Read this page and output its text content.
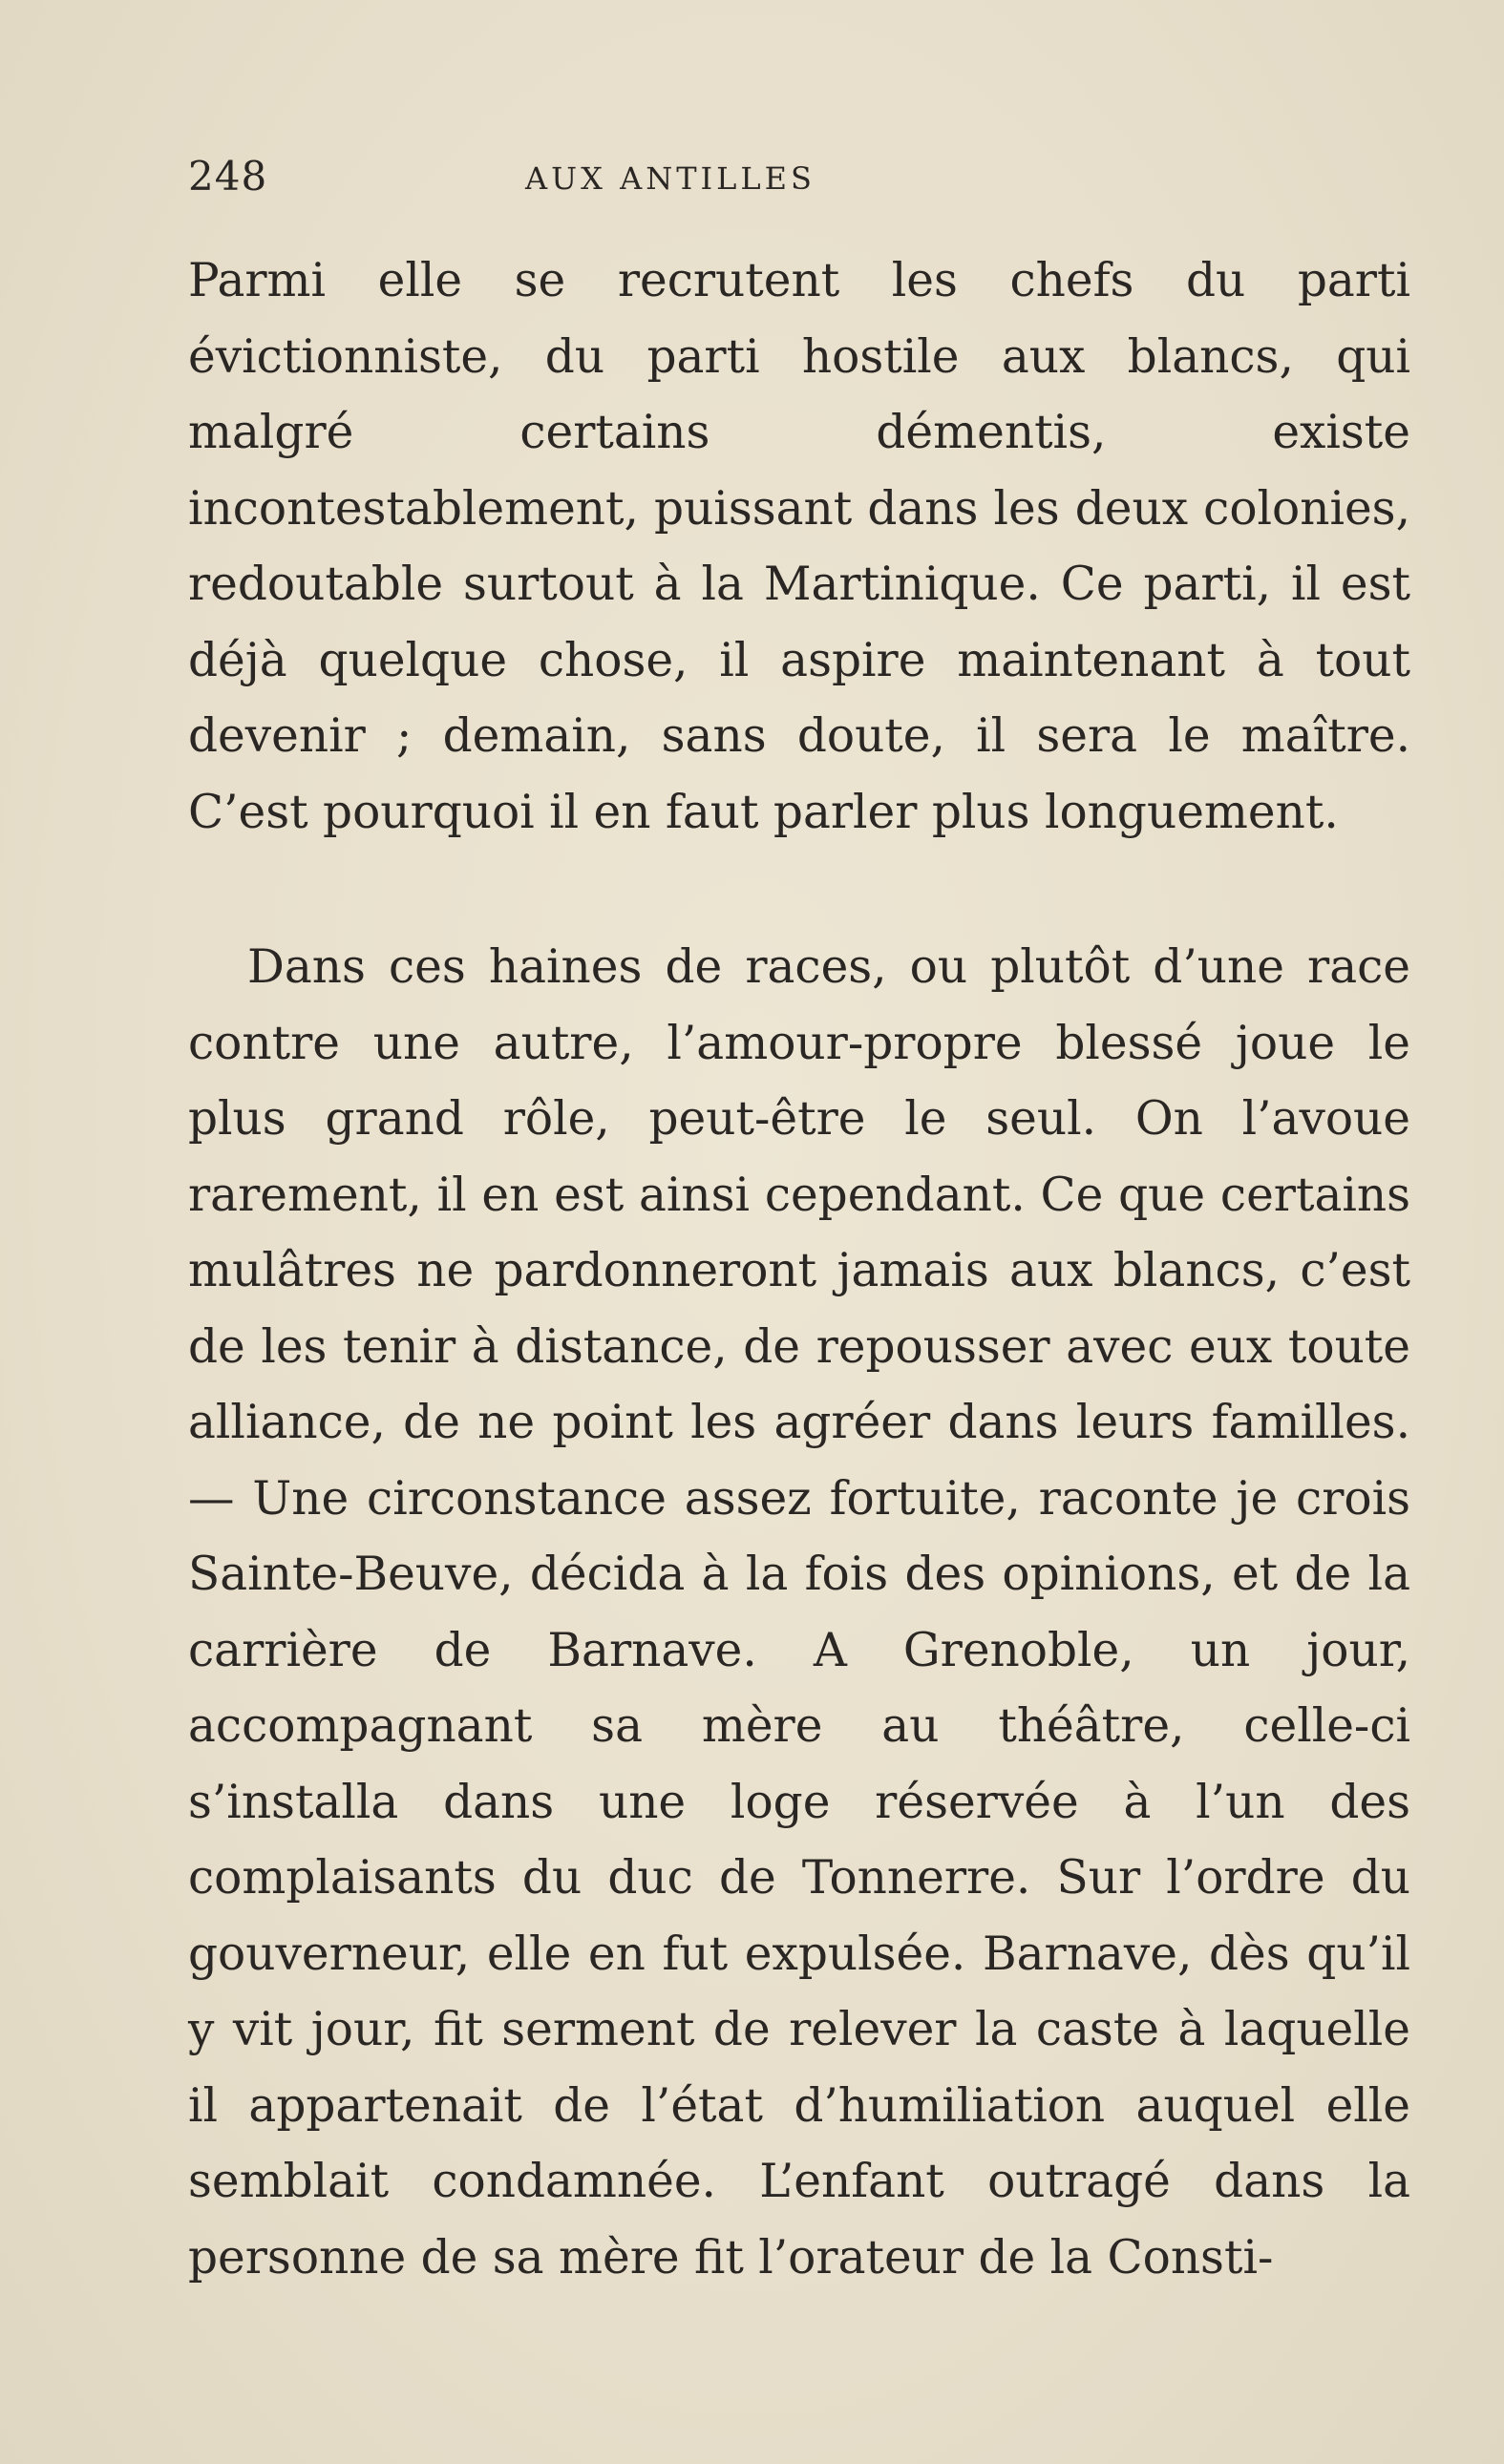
248	AUX ANTILLES

Parmi elle se recrutent les chefs du parti évictionniste, du parti hostile aux blancs, qui malgré certains démentis, existe incontestablement, puissant dans les deux colonies, redoutable surtout à la Martinique. Ce parti, il est déjà quelque chose, il aspire maintenant à tout devenir ; demain, sans doute, il sera le maître. C’est pourquoi il en faut parler plus longuement.

Dans ces haines de races, ou plutôt d’une race contre une autre, l’amour-propre blessé joue le plus grand rôle, peut-être le seul. On l’avoue rarement, il en est ainsi cependant. Ce que certains mulâtres ne pardonneront jamais aux blancs, c’est de les tenir à distance, de repousser avec eux toute alliance, de ne point les agréer dans leurs familles.— Une circonstance assez fortuite, raconte je crois Sainte-Beuve, décida à la fois des opinions, et de la carrière de Barnave. A Grenoble, un jour, accompagnant sa mère au théâtre, celle-ci s’installa dans une loge réservée à l’un des complaisants du duc de Tonnerre. Sur l’ordre du gouverneur, elle en fut expulsée. Barnave, dès qu’il y vit jour, fit serment de relever la caste à laquelle il appartenait de l’état d’humiliation auquel elle semblait condamnée. L’enfant outragé dans la personne de sa mère fit l’orateur de la Consti-
